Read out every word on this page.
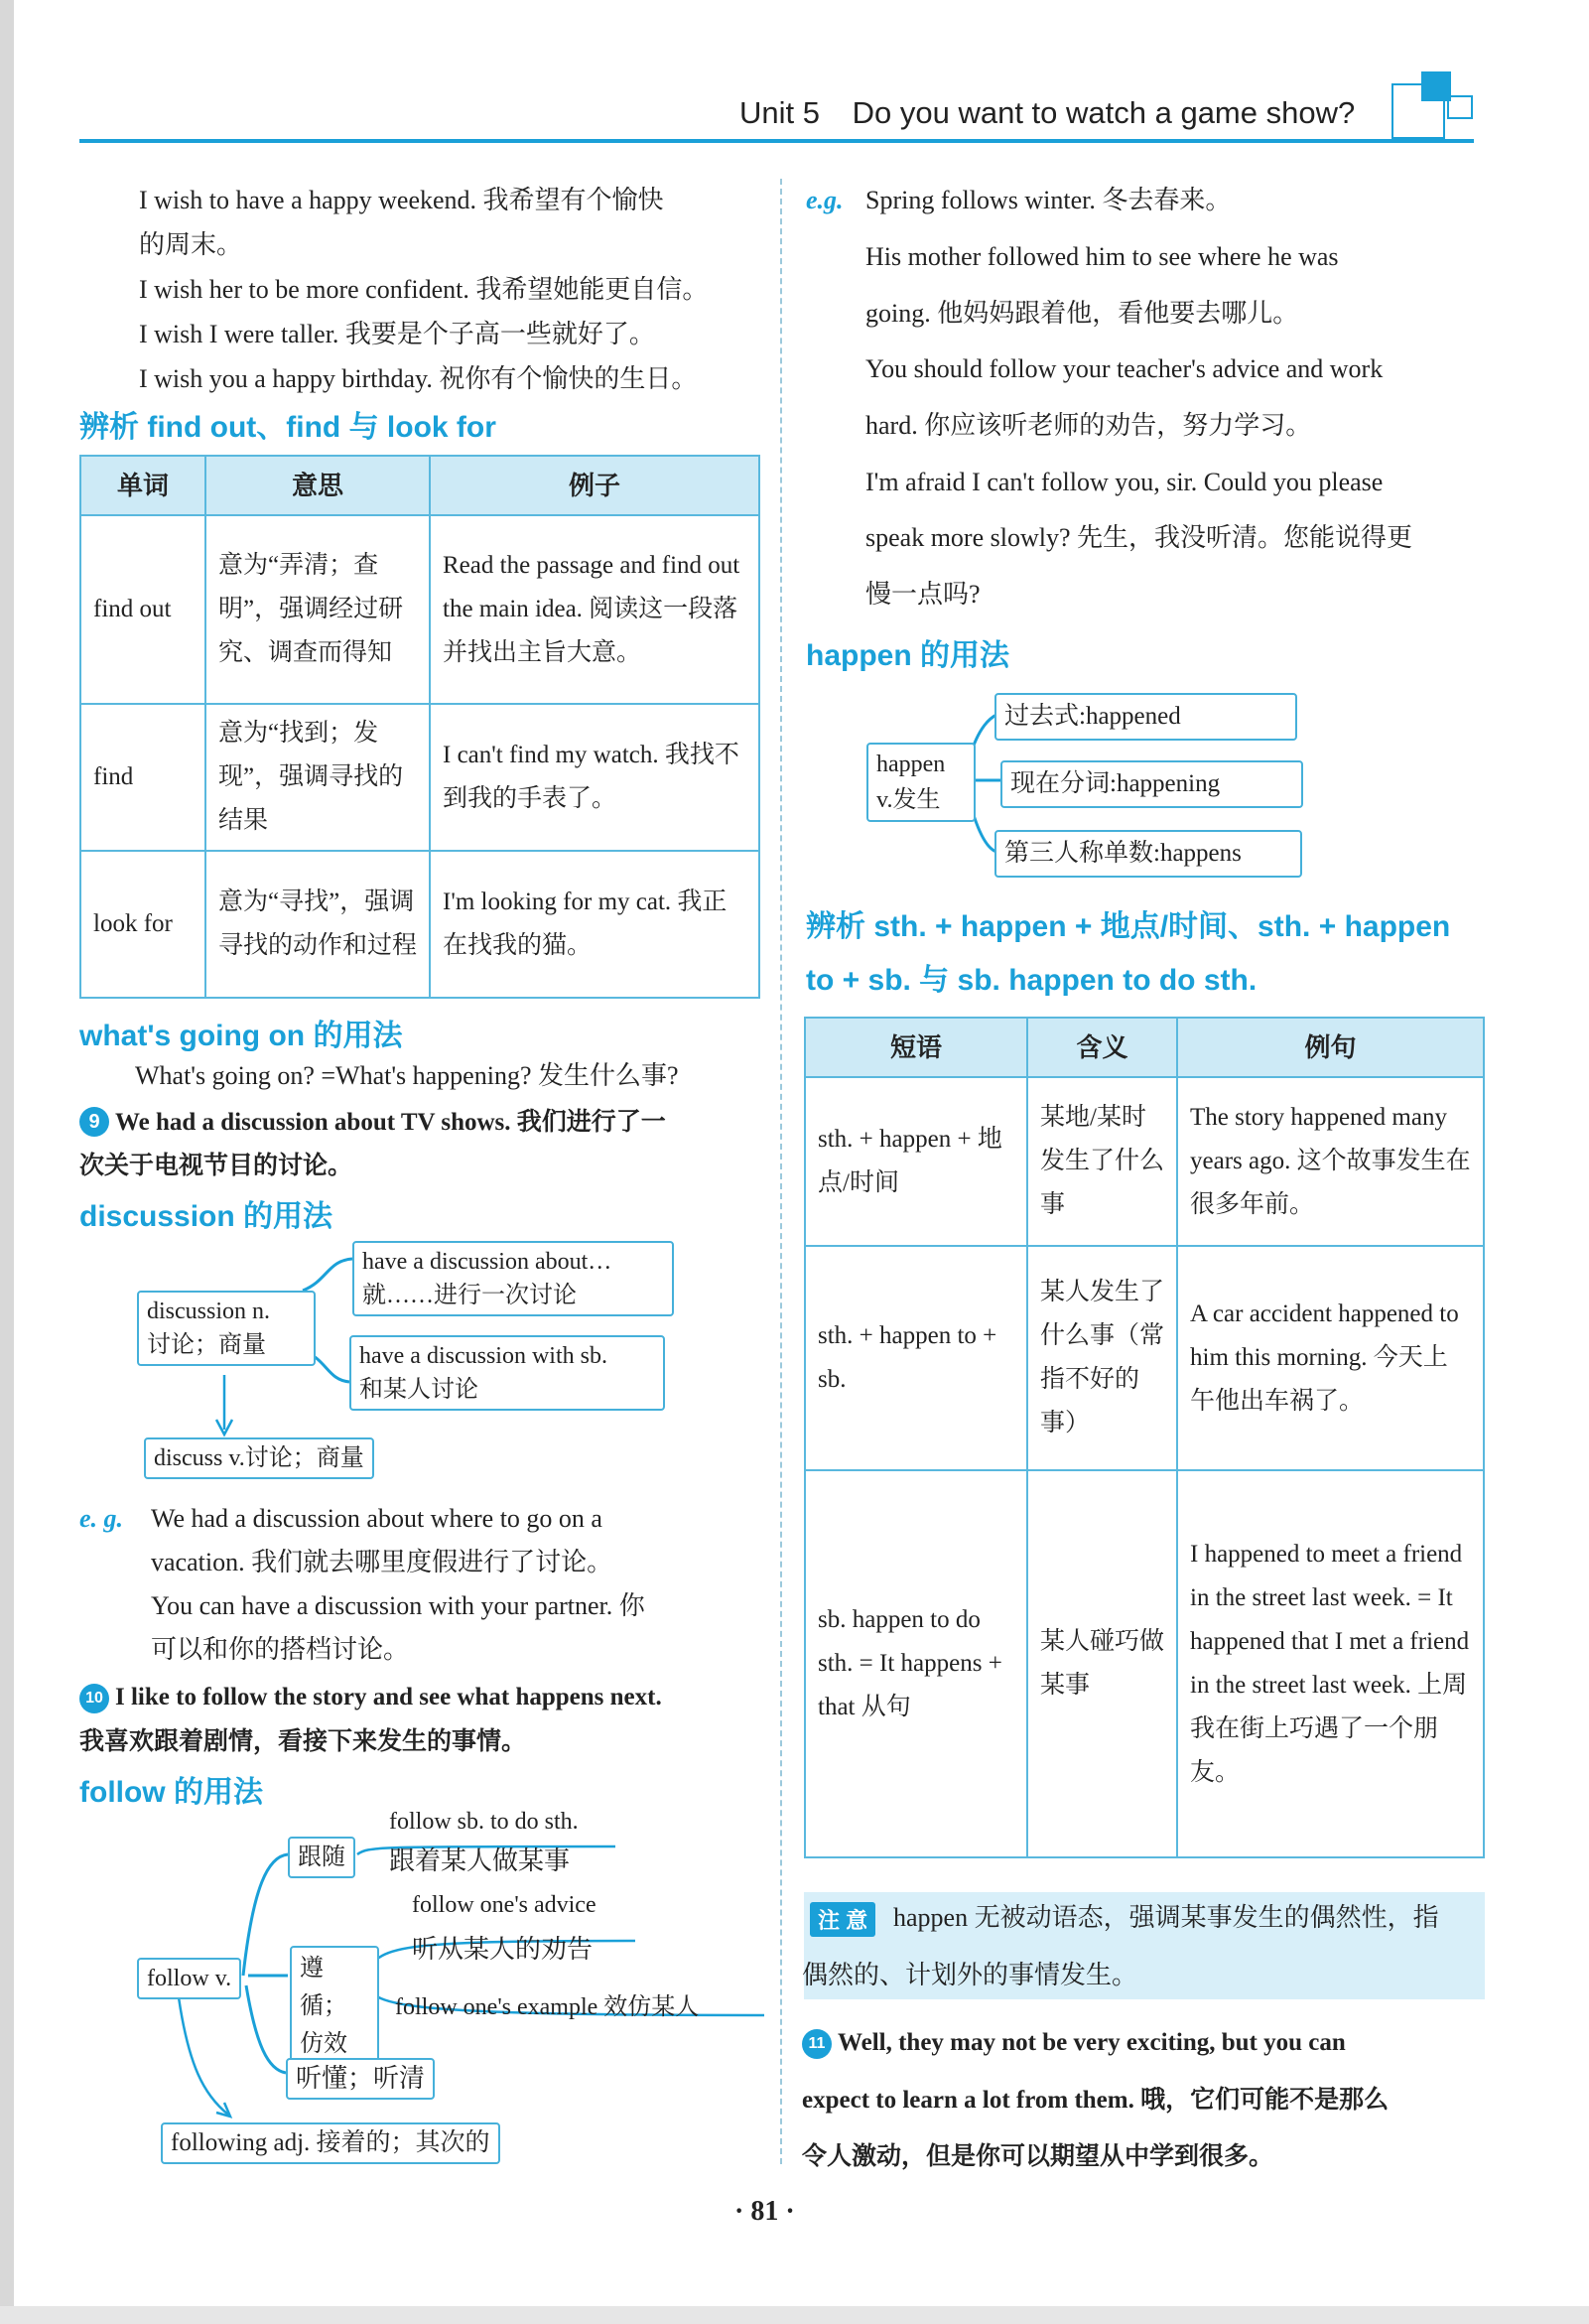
Unit 5 Do you want to watch a game show?
I wish to have a happy weekend. 我希望有个愉快
的周末。
I wish her to be more confident. 我希望她能更自信。
I wish I were taller. 我要是个子高一些就好了。
I wish you a happy birthday. 祝你有个愉快的生日。
辨析 find out、find 与 look for
单词	意思	例子
find out	意为“弄清；查明”，强调经过研究、调查而得知	Read the passage and find out the main idea. 阅读这一段落并找出主旨大意。
find	意为“找到；发现”，强调寻找的结果	I can't find my watch. 我找不到我的手表了。
look for	意为“寻找”，强调寻找的动作和过程	I'm looking for my cat. 我正在找我的猫。
what's going on 的用法
What's going on? =What's happening? 发生什么事?
9 We had a discussion about TV shows. 我们进行了一
次关于电视节目的讨论。
discussion 的用法
discussion n.
讨论；商量
have a discussion about…
就……进行一次讨论
have a discussion with sb.
和某人讨论
discuss v.讨论；商量
e. g. We had a discussion about where to go on a
vacation. 我们就去哪里度假进行了讨论。
You can have a discussion with your partner. 你
可以和你的搭档讨论。
10 I like to follow the story and see what happens next.
我喜欢跟着剧情，看接下来发生的事情。
follow 的用法
follow v.
跟随
follow sb. to do sth.
跟着某人做某事
遵循；仿效
follow one's advice
听从某人的劝告
follow one's example 效仿某人
听懂；听清
following adj. 接着的；其次的
e.g. Spring follows winter. 冬去春来。
His mother followed him to see where he was
going. 他妈妈跟着他，看他要去哪儿。
You should follow your teacher's advice and work
hard. 你应该听老师的劝告，努力学习。
I'm afraid I can't follow you, sir. Could you please
speak more slowly? 先生，我没听清。您能说得更
慢一点吗?
happen 的用法
happen
v.发生
过去式:happened
现在分词:happening
第三人称单数:happens
辨析 sth. + happen + 地点/时间、sth. + happen
to + sb. 与 sb. happen to do sth.
短语	含义	例句
sth. + happen + 地点/时间	某地/某时发生了什么事	The story happened many years ago. 这个故事发生在很多年前。
sth. + happen to + sb.	某人发生了什么事（常指不好的事）	A car accident happened to him this morning. 今天上午他出车祸了。
sb. happen to do sth. = It happens + that 从句	某人碰巧做某事	I happened to meet a friend in the street last week. = It happened that I met a friend in the street last week. 上周我在街上巧遇了一个朋友。
注 意 happen 无被动语态，强调某事发生的偶然性，指
偶然的、计划外的事情发生。
11 Well, they may not be very exciting, but you can
expect to learn a lot from them. 哦，它们可能不是那么
令人激动，但是你可以期望从中学到很多。
· 81 ·
